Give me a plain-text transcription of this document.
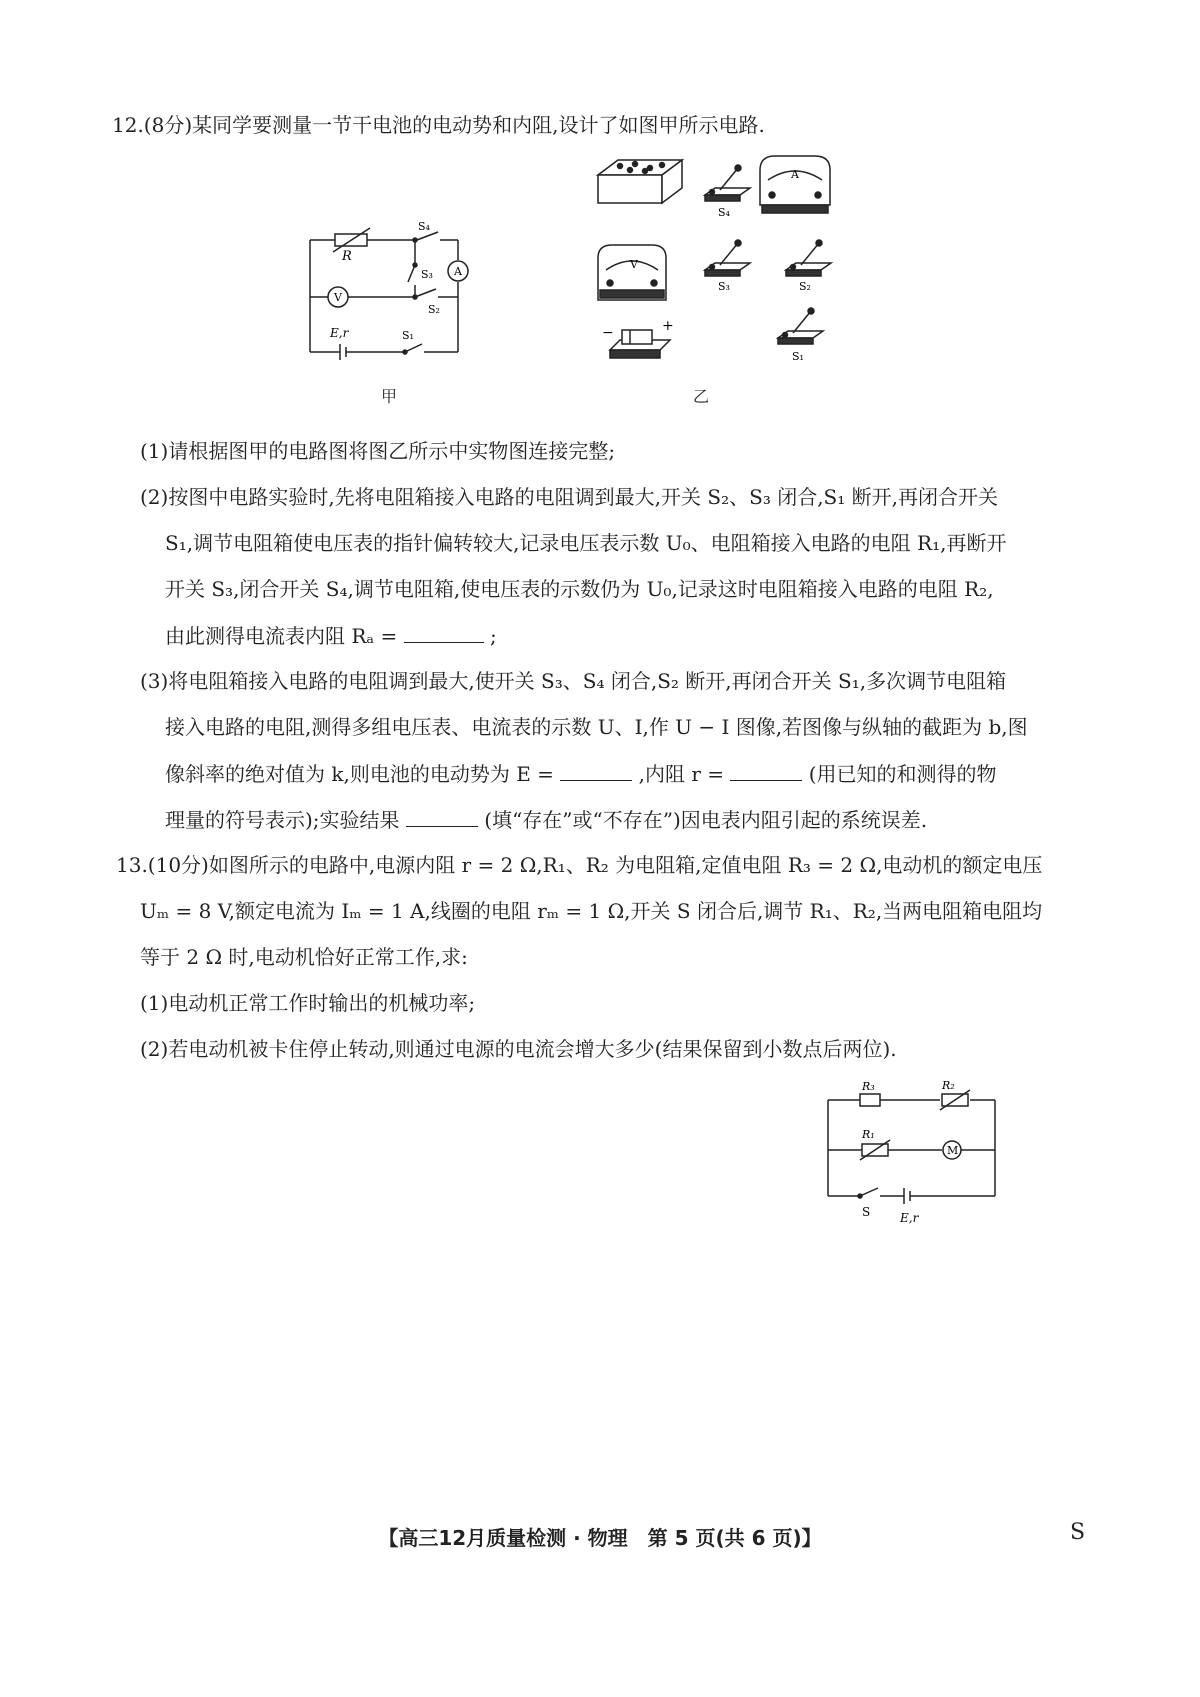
12.(8分)某同学要测量一节干电池的电动势和内阻,设计了如图甲所示电路.
R
S₄
S₃
S₂
S₁
A
V
E,r
甲
S₄
A
V
S₃	S₂
S₁
−	+
乙
(1)请根据图甲的电路图将图乙所示中实物图连接完整;
(2)按图中电路实验时,先将电阻箱接入电路的电阻调到最大,开关 S₂、S₃ 闭合,S₁ 断开,再闭合开关
S₁,调节电阻箱使电压表的指针偏转较大,记录电压表示数 U₀、电阻箱接入电路的电阻 R₁,再断开
开关 S₃,闭合开关 S₄,调节电阻箱,使电压表的示数仍为 U₀,记录这时电阻箱接入电路的电阻 R₂,
由此测得电流表内阻 Rₐ =	;
(3)将电阻箱接入电路的电阻调到最大,使开关 S₃、S₄ 闭合,S₂ 断开,再闭合开关 S₁,多次调节电阻箱
接入电路的电阻,测得多组电压表、电流表的示数 U、I,作 U − I 图像,若图像与纵轴的截距为 b,图
像斜率的绝对值为 k,则电池的电动势为 E =	,内阻 r =	(用已知的和测得的物
理量的符号表示);实验结果	(填“存在”或“不存在”)因电表内阻引起的系统误差.
13.(10分)如图所示的电路中,电源内阻 r = 2 Ω,R₁、R₂ 为电阻箱,定值电阻 R₃ = 2 Ω,电动机的额定电压
Uₘ = 8 V,额定电流为 Iₘ = 1 A,线圈的电阻 rₘ = 1 Ω,开关 S 闭合后,调节 R₁、R₂,当两电阻箱电阻均
等于 2 Ω 时,电动机恰好正常工作,求:
(1)电动机正常工作时输出的机械功率;
(2)若电动机被卡住停止转动,则通过电源的电流会增大多少(结果保留到小数点后两位).
R₃	R₂
R₁
M
S E,r
【高三12月质量检测 · 物理　第 5 页(共 6 页)】	S
